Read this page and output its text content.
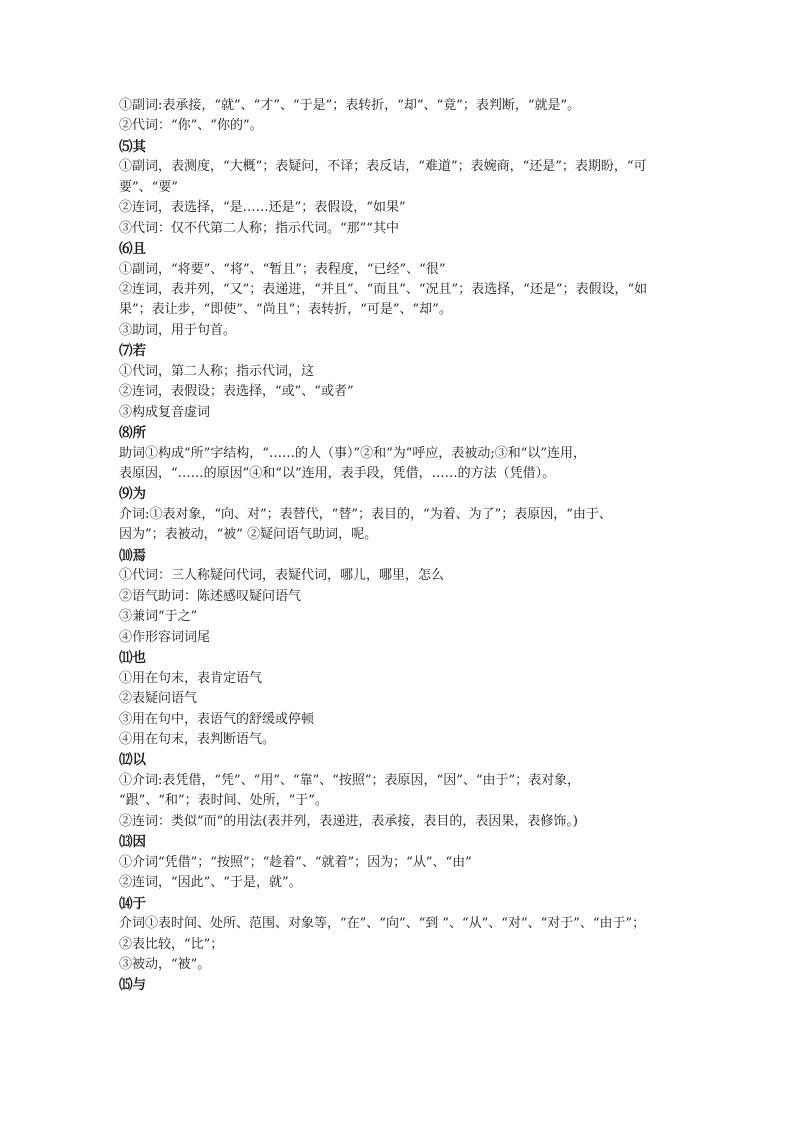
①副词:表承接，“就”、“才”、“于是”；表转折，“却”、“竟”；表判断，“就是”。
②代词：“你”、“你的”。
⑸其
①副词，表测度，“大概”；表疑问，不译；表反诘，“难道”；表婉商，“还是”；表期盼，“可
要”、“要”
②连词，表选择，“是……还是”；表假设，“如果”
③代词：仅不代第二人称；指示代词。“那”“其中
⑹且
①副词，“将要”、“将”、“暂且”；表程度，“已经”、“很”
②连词，表并列，“又”；表递进，“并且”、“而且”、“况且”；表选择，“还是”；表假设，“如
果”；表让步，“即使”、“尚且”；表转折，“可是”、“却”。
③助词，用于句首。
⑺若
①代词，第二人称；指示代词，这
②连词，表假设；表选择，“或”、“或者”
③构成复音虚词
⑻所
助词①构成“所”字结构，“……的人（事）”②和“为”呼应，表被动;③和“以”连用，
表原因，“……的原因”④和“以”连用，表手段，凭借，……的方法（凭借）。
⑼为
介词:①表对象，“向、对”；表替代，“替”；表目的，“为着、为了”；表原因，“由于、
因为”；表被动，“被” ②疑问语气助词，呢。
⑽焉
①代词：三人称疑问代词，表疑代词，哪儿，哪里，怎么
②语气助词：陈述感叹疑问语气
③兼词“于之”
④作形容词词尾
⑾也
①用在句末，表肯定语气
②表疑问语气
③用在句中，表语气的舒缓或停顿
④用在句末，表判断语气。
⑿以
①介词:表凭借，“凭”、“用”、“靠”、“按照”；表原因，“因”、“由于”；表对象，
“跟”、“和”；表时间、处所，“于”。
②连词：类似”而”的用法(表并列，表递进，表承接，表目的，表因果，表修饰。)
⒀因
①介词“凭借”；“按照”；“趁着”、“就着”；因为；“从”、“由”
②连词，“因此”、“于是，就”。
⒁于
介词①表时间、处所、范围、对象等，“在”、“向”、“到 ”、“从”、“对”、“对于”、“由于”；
②表比较，“比”；
③被动，“被”。
⒂与
